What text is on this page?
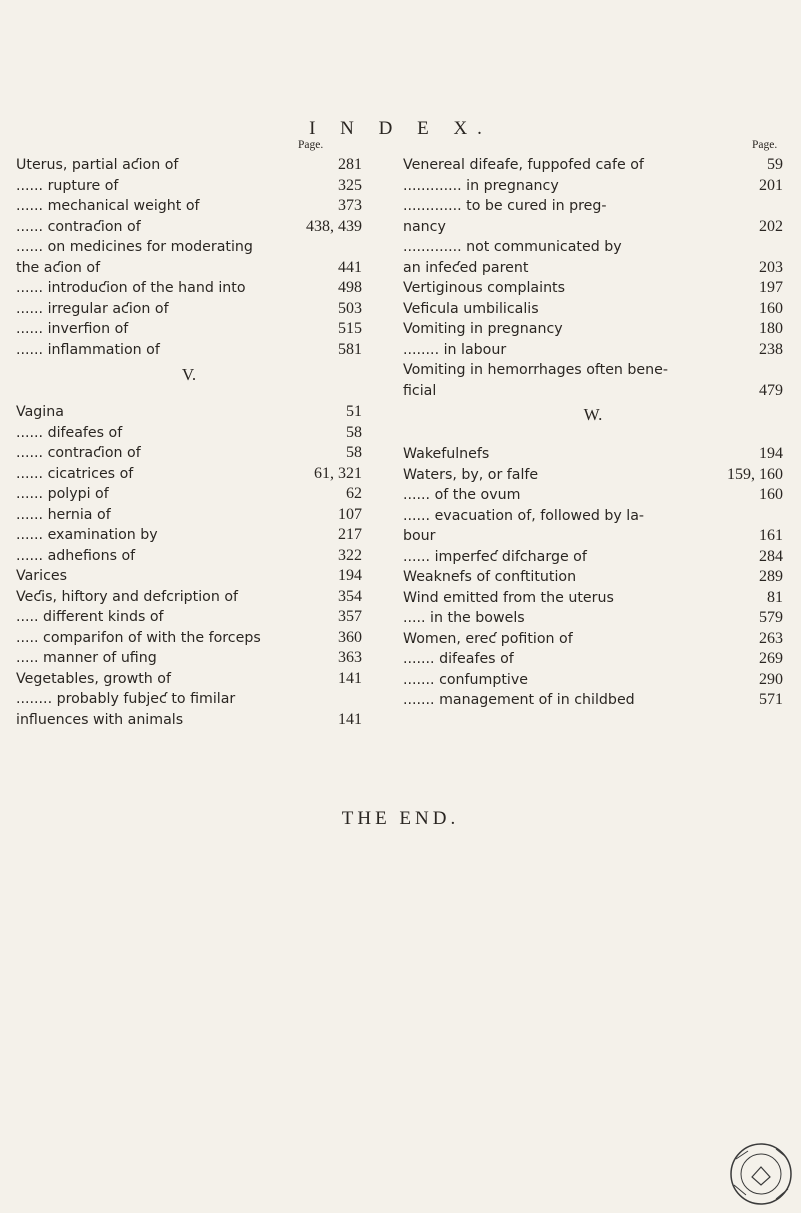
I N D E X.
Page.	Page.
Uterus, partial aƈion of	281
...... rupture of	325
...... mechanical weight of	373
...... contraƈion of	438, 439
...... on medicines for moderating
the aƈion of	441
...... introduƈion of the hand into	498
...... irregular aƈion of	503
...... inverfion of	515
...... inflammation of	581
V.
Vagina	51
...... difeafes of	58
...... contraƈion of	58
...... cicatrices of	61, 321
...... polypi of	62
...... hernia of	107
...... examination by	217
...... adhefions of	322
Varices	194
Veƈis, hiftory and defcription of	354
..... different kinds of	357
..... comparifon of with the forceps	360
..... manner of ufing	363
Vegetables, growth of	141
........ probably fubjeƈ to fimilar
influences with animals	141
Venereal difeafe, fuppofed cafe of	59
............. in pregnancy	201
............. to be cured in preg-
nancy	202
............. not communicated by
an infeƈed parent	203
Vertiginous complaints	197
Veficula umbilicalis	160
Vomiting in pregnancy	180
........ in labour	238
Vomiting in hemorrhages often bene-
ficial	479
W.
Wakefulnefs	194
Waters, by, or falfe	159, 160
...... of the ovum	160
...... evacuation of, followed by la-
bour	161
...... imperfeƈ difcharge of	284
Weaknefs of conftitution	289
Wind emitted from the uterus	81
..... in the bowels	579
Women, ereƈ pofition of	263
....... difeafes of	269
....... confumptive	290
....... management of in childbed	571
THE END.
